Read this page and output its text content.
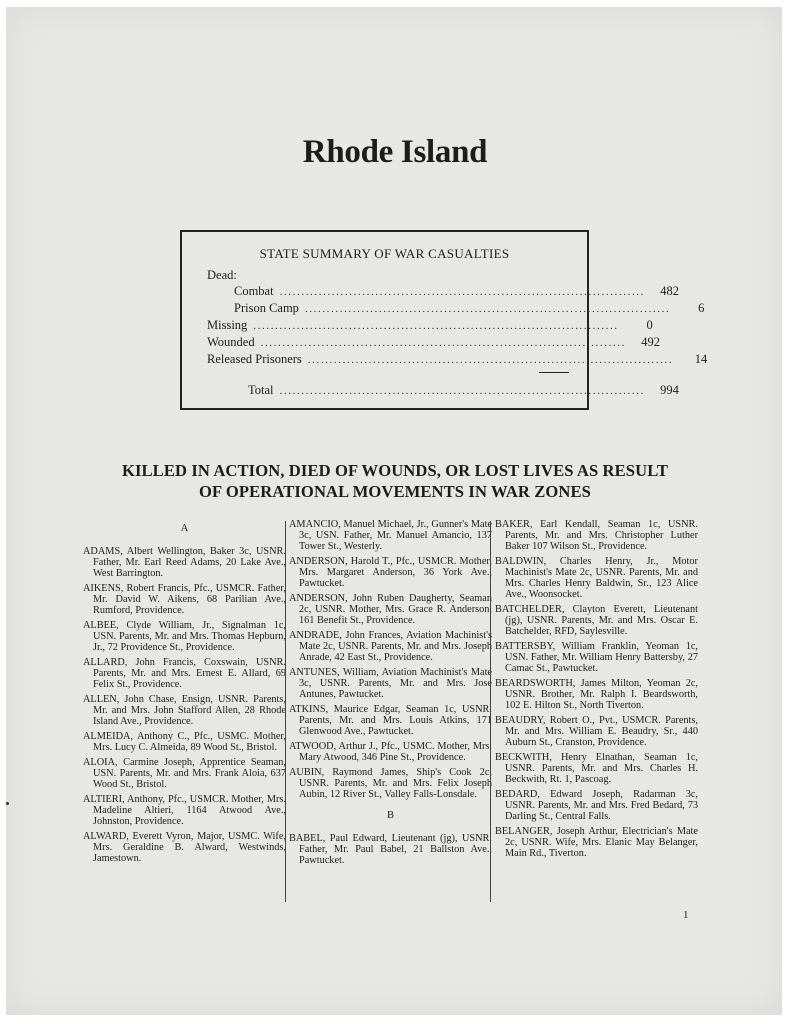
Rhode Island
STATE SUMMARY OF WAR CASUALTIES
Dead:
Combat ....................................................................................	482
Prison Camp ....................................................................................	6
Missing ....................................................................................	0
Wounded ....................................................................................	492
Released Prisoners ....................................................................................	14
Total ....................................................................................	994
KILLED IN ACTION, DIED OF WOUNDS, OR LOST LIVES AS RESULT
OF OPERATIONAL MOVEMENTS IN WAR ZONES
A
ADAMS, Albert Wellington, Baker 3c, USNR. Father, Mr. Earl Reed Adams, 20 Lake Ave., West Barrington.
AIKENS, Robert Francis, Pfc., USMCR. Father, Mr. David W. Aikens, 68 Parilian Ave., Rumford, Providence.
ALBEE, Clyde William, Jr., Signalman 1c, USN. Parents, Mr. and Mrs. Thomas Hepburn, Jr., 72 Providence St., Providence.
ALLARD, John Francis, Coxswain, USNR. Parents, Mr. and Mrs. Ernest E. Allard, 69 Felix St., Providence.
ALLEN, John Chase, Ensign, USNR. Parents, Mr. and Mrs. John Stafford Allen, 28 Rhode Island Ave., Providence.
ALMEIDA, Anthony C., Pfc., USMC. Mother, Mrs. Lucy C. Almeida, 89 Wood St., Bristol.
ALOIA, Carmine Joseph, Apprentice Seaman, USN. Parents, Mr. and Mrs. Frank Aloia, 637 Wood St., Bristol.
ALTIERI, Anthony, Pfc., USMCR. Mother, Mrs. Madeline Altieri, 1164 Atwood Ave., Johnston, Providence.
ALWARD, Everett Vyron, Major, USMC. Wife, Mrs. Geraldine B. Alward, Westwinds, Jamestown.
AMANCIO, Manuel Michael, Jr., Gunner's Mate 3c, USN. Father, Mr. Manuel Amancio, 137 Tower St., Westerly.
ANDERSON, Harold T., Pfc., USMCR. Mother, Mrs. Margaret Anderson, 36 York Ave., Pawtucket.
ANDERSON, John Ruben Daugherty, Seaman 2c, USNR. Mother, Mrs. Grace R. Anderson, 161 Benefit St., Providence.
ANDRADE, John Frances, Aviation Machinist's Mate 2c, USNR. Parents, Mr. and Mrs. Joseph Anrade, 42 East St., Providence.
ANTUNES, William, Aviation Machinist's Mate 3c, USNR. Parents, Mr. and Mrs. Jose Antunes, Pawtucket.
ATKINS, Maurice Edgar, Seaman 1c, USNR. Parents, Mr. and Mrs. Louis Atkins, 171 Glenwood Ave., Pawtucket.
ATWOOD, Arthur J., Pfc., USMC. Mother, Mrs. Mary Atwood, 346 Pine St., Providence.
AUBIN, Raymond James, Ship's Cook 2c, USNR. Parents, Mr. and Mrs. Felix Joseph Aubin, 12 River St., Valley Falls-Lonsdale.
B
BABEL, Paul Edward, Lieutenant (jg), USNR. Father, Mr. Paul Babel, 21 Ballston Ave., Pawtucket.
BAKER, Earl Kendall, Seaman 1c, USNR. Parents, Mr. and Mrs. Christopher Luther Baker 107 Wilson St., Providence.
BALDWIN, Charles Henry, Jr., Motor Machinist's Mate 2c, USNR. Parents, Mr. and Mrs. Charles Henry Baldwin, Sr., 123 Alice Ave., Woonsocket.
BATCHELDER, Clayton Everett, Lieutenant (jg), USNR. Parents, Mr. and Mrs. Oscar E. Batchelder, RFD, Saylesville.
BATTERSBY, William Franklin, Yeoman 1c, USN. Father, Mr. William Henry Battersby, 27 Camac St., Pawtucket.
BEARDSWORTH, James Milton, Yeoman 2c, USNR. Brother, Mr. Ralph I. Beardsworth, 102 E. Hilton St., North Tiverton.
BEAUDRY, Robert O., Pvt., USMCR. Parents, Mr. and Mrs. William E. Beaudry, Sr., 440 Auburn St., Cranston, Providence.
BECKWITH, Henry Elnathan, Seaman 1c, USNR. Parents, Mr. and Mrs. Charles H. Beckwith, Rt. 1, Pascoag.
BEDARD, Edward Joseph, Radarman 3c, USNR. Parents, Mr. and Mrs. Fred Bedard, 73 Darling St., Central Falls.
BELANGER, Joseph Arthur, Electrician's Mate 2c, USNR. Wife, Mrs. Elanic May Belanger, Main Rd., Tiverton.
1
